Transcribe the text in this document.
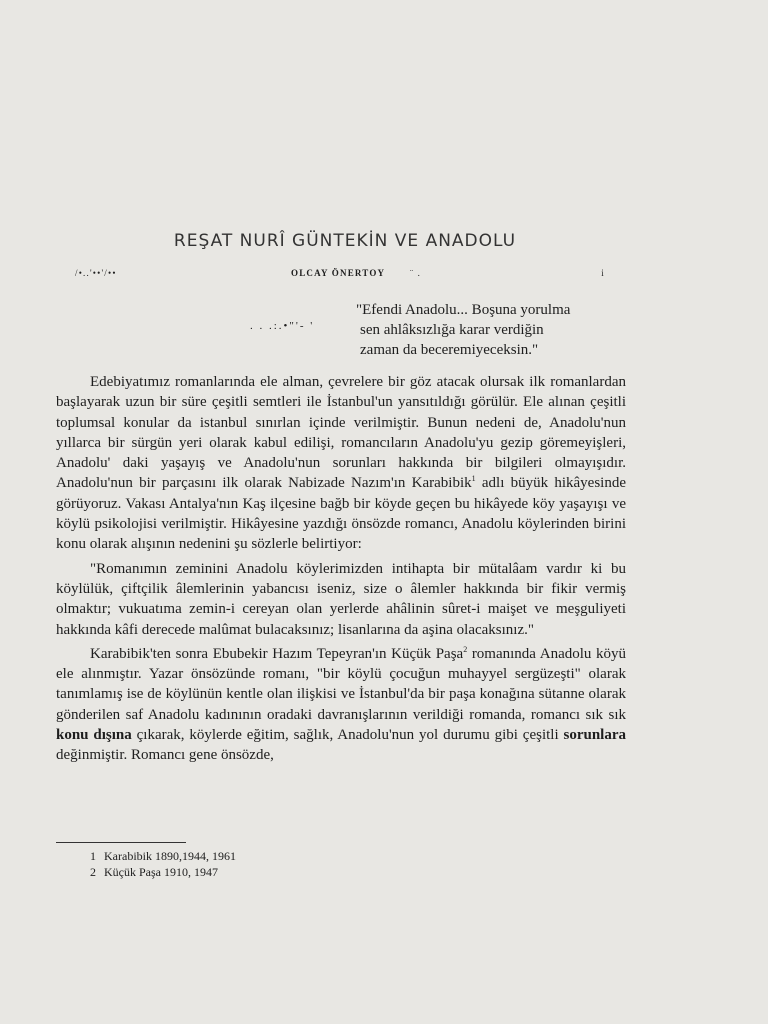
REŞAT NURÎ GÜNTEKİN VE ANADOLU
/•..'••'/••	OLCAY ÖNERTOY	¨ .	i
. . .:.•"'- '
"Efendi Anadolu... Boşuna yorulma
sen ahlâksızlığa karar verdiğin
zaman da beceremiyeceksin."

Edebiyatımız romanlarında ele alman, çevrelere bir göz atacak olursak ilk romanlardan başlayarak uzun bir süre çeşitli semtleri ile İstanbul'un yansıtıldığı görülür. Ele alınan çeşitli toplumsal konular da istanbul sınırlan içinde verilmiştir. Bunun nedeni de, Anadolu'nun yıllarca bir sürgün yeri olarak kabul edilişi, romancıların Anadolu'yu gezip göremeyişleri, Anadolu' daki yaşayış ve Anadolu'nun sorunları hakkında bir bilgileri olmayışıdır. Anadolu'nun bir parçasını ilk olarak Nabizade Nazım'ın Karabibik$^1$ adlı büyük hikâyesinde görüyoruz. Vakası Antalya'nın Kaş ilçesine bağb bir köyde geçen bu hikâyede köy yaşayışı ve köylü psikolojisi verilmiştir. Hikâyesine yazdığı önsözde romancı, Anadolu köylerinden birini konu olarak alışının nedenini şu sözlerle belirtiyor:

"Romanımın zeminini Anadolu köylerimizden intihapta bir mütalâam vardır ki bu köylülük, çiftçilik âlemlerinin yabancısı iseniz, size o âlemler hakkında bir fikir vermiş olmaktır; vukuatıma zemin-i cereyan olan yerlerde ahâlinin sûret-i maişet ve meşguliyeti hakkında kâfi derecede malûmat bulacaksınız; lisanlarına da aşina olacaksınız."

Karabibik'ten sonra Ebubekir Hazım Tepeyran'ın Küçük Paşa$^2$ romanında Anadolu köyü ele alınmıştır. Yazar önsözünde romanı, "bir köylü çocuğun muhayyel sergüzeşti" olarak tanımlamış ise de köylünün kentle olan ilişkisi ve İstanbul'da bir paşa konağına sütanne olarak gönderilen saf Anadolu kadınının oradaki davranışlarının verildiği romanda, romancı sık sık konu dışına çıkarak, köylerde eğitim, sağlık, Anadolu'nun yol durumu gibi çeşitli sorunlara değinmiştir. Romancı gene önsözde,

1 Karabibik 1890,1944, 1961
2 Küçük Paşa 1910, 1947
